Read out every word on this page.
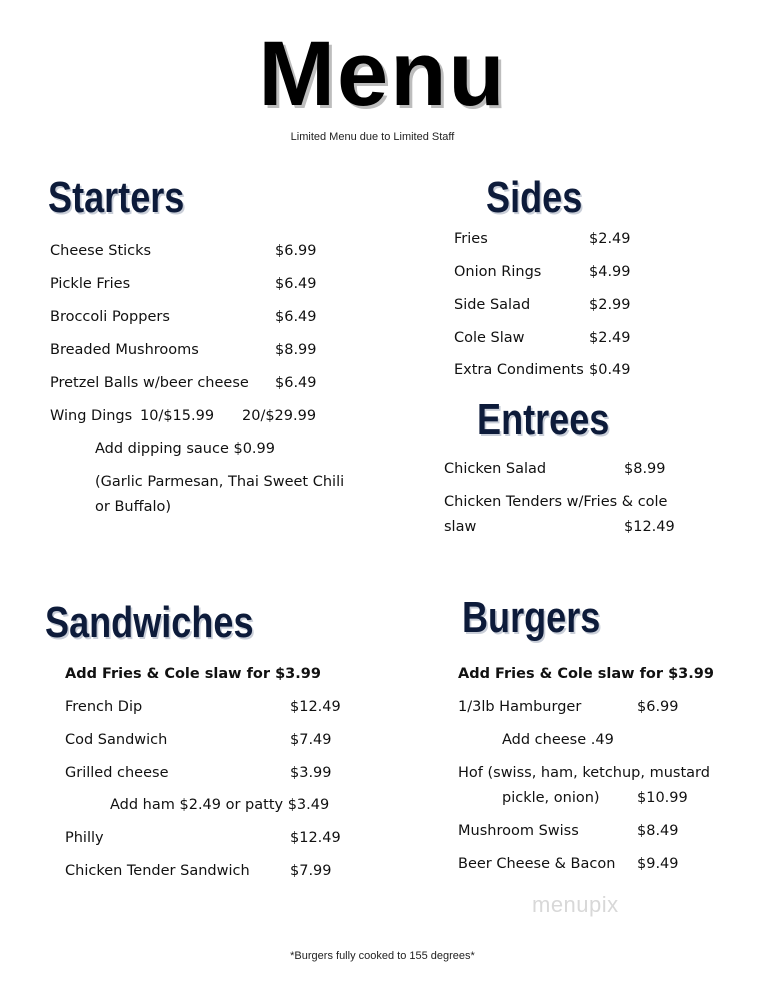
Menu
Limited Menu due to Limited Staff
Starters
Cheese Sticks	$6.99
Pickle Fries	$6.49
Broccoli Poppers	$6.49
Breaded Mushrooms	$8.99
Pretzel Balls w/beer cheese $6.49
Wing Dings 10/$15.99 20/$29.99
Add dipping sauce $0.99
(Garlic Parmesan, Thai Sweet Chili
or Buffalo)
Sides
Fries	$2.49
Onion Rings	$4.99
Side Salad	$2.99
Cole Slaw	$2.49
Extra Condiments $0.49
Entrees
Chicken Salad	$8.99
Chicken Tenders w/Fries & cole
slaw	$12.49
Sandwiches
Add Fries & Cole slaw for $3.99
French Dip	$12.49
Cod Sandwich	$7.49
Grilled cheese	$3.99
Add ham $2.49 or patty $3.49
Philly	$12.49
Chicken Tender Sandwich	$7.99
Burgers
Add Fries & Cole slaw for $3.99
1/3lb Hamburger	$6.99
Add cheese .49
Hof (swiss, ham, ketchup, mustard
pickle, onion)	$10.99
Mushroom Swiss	$8.49
Beer Cheese & Bacon $9.49
menupix
*Burgers fully cooked to 155 degrees*
